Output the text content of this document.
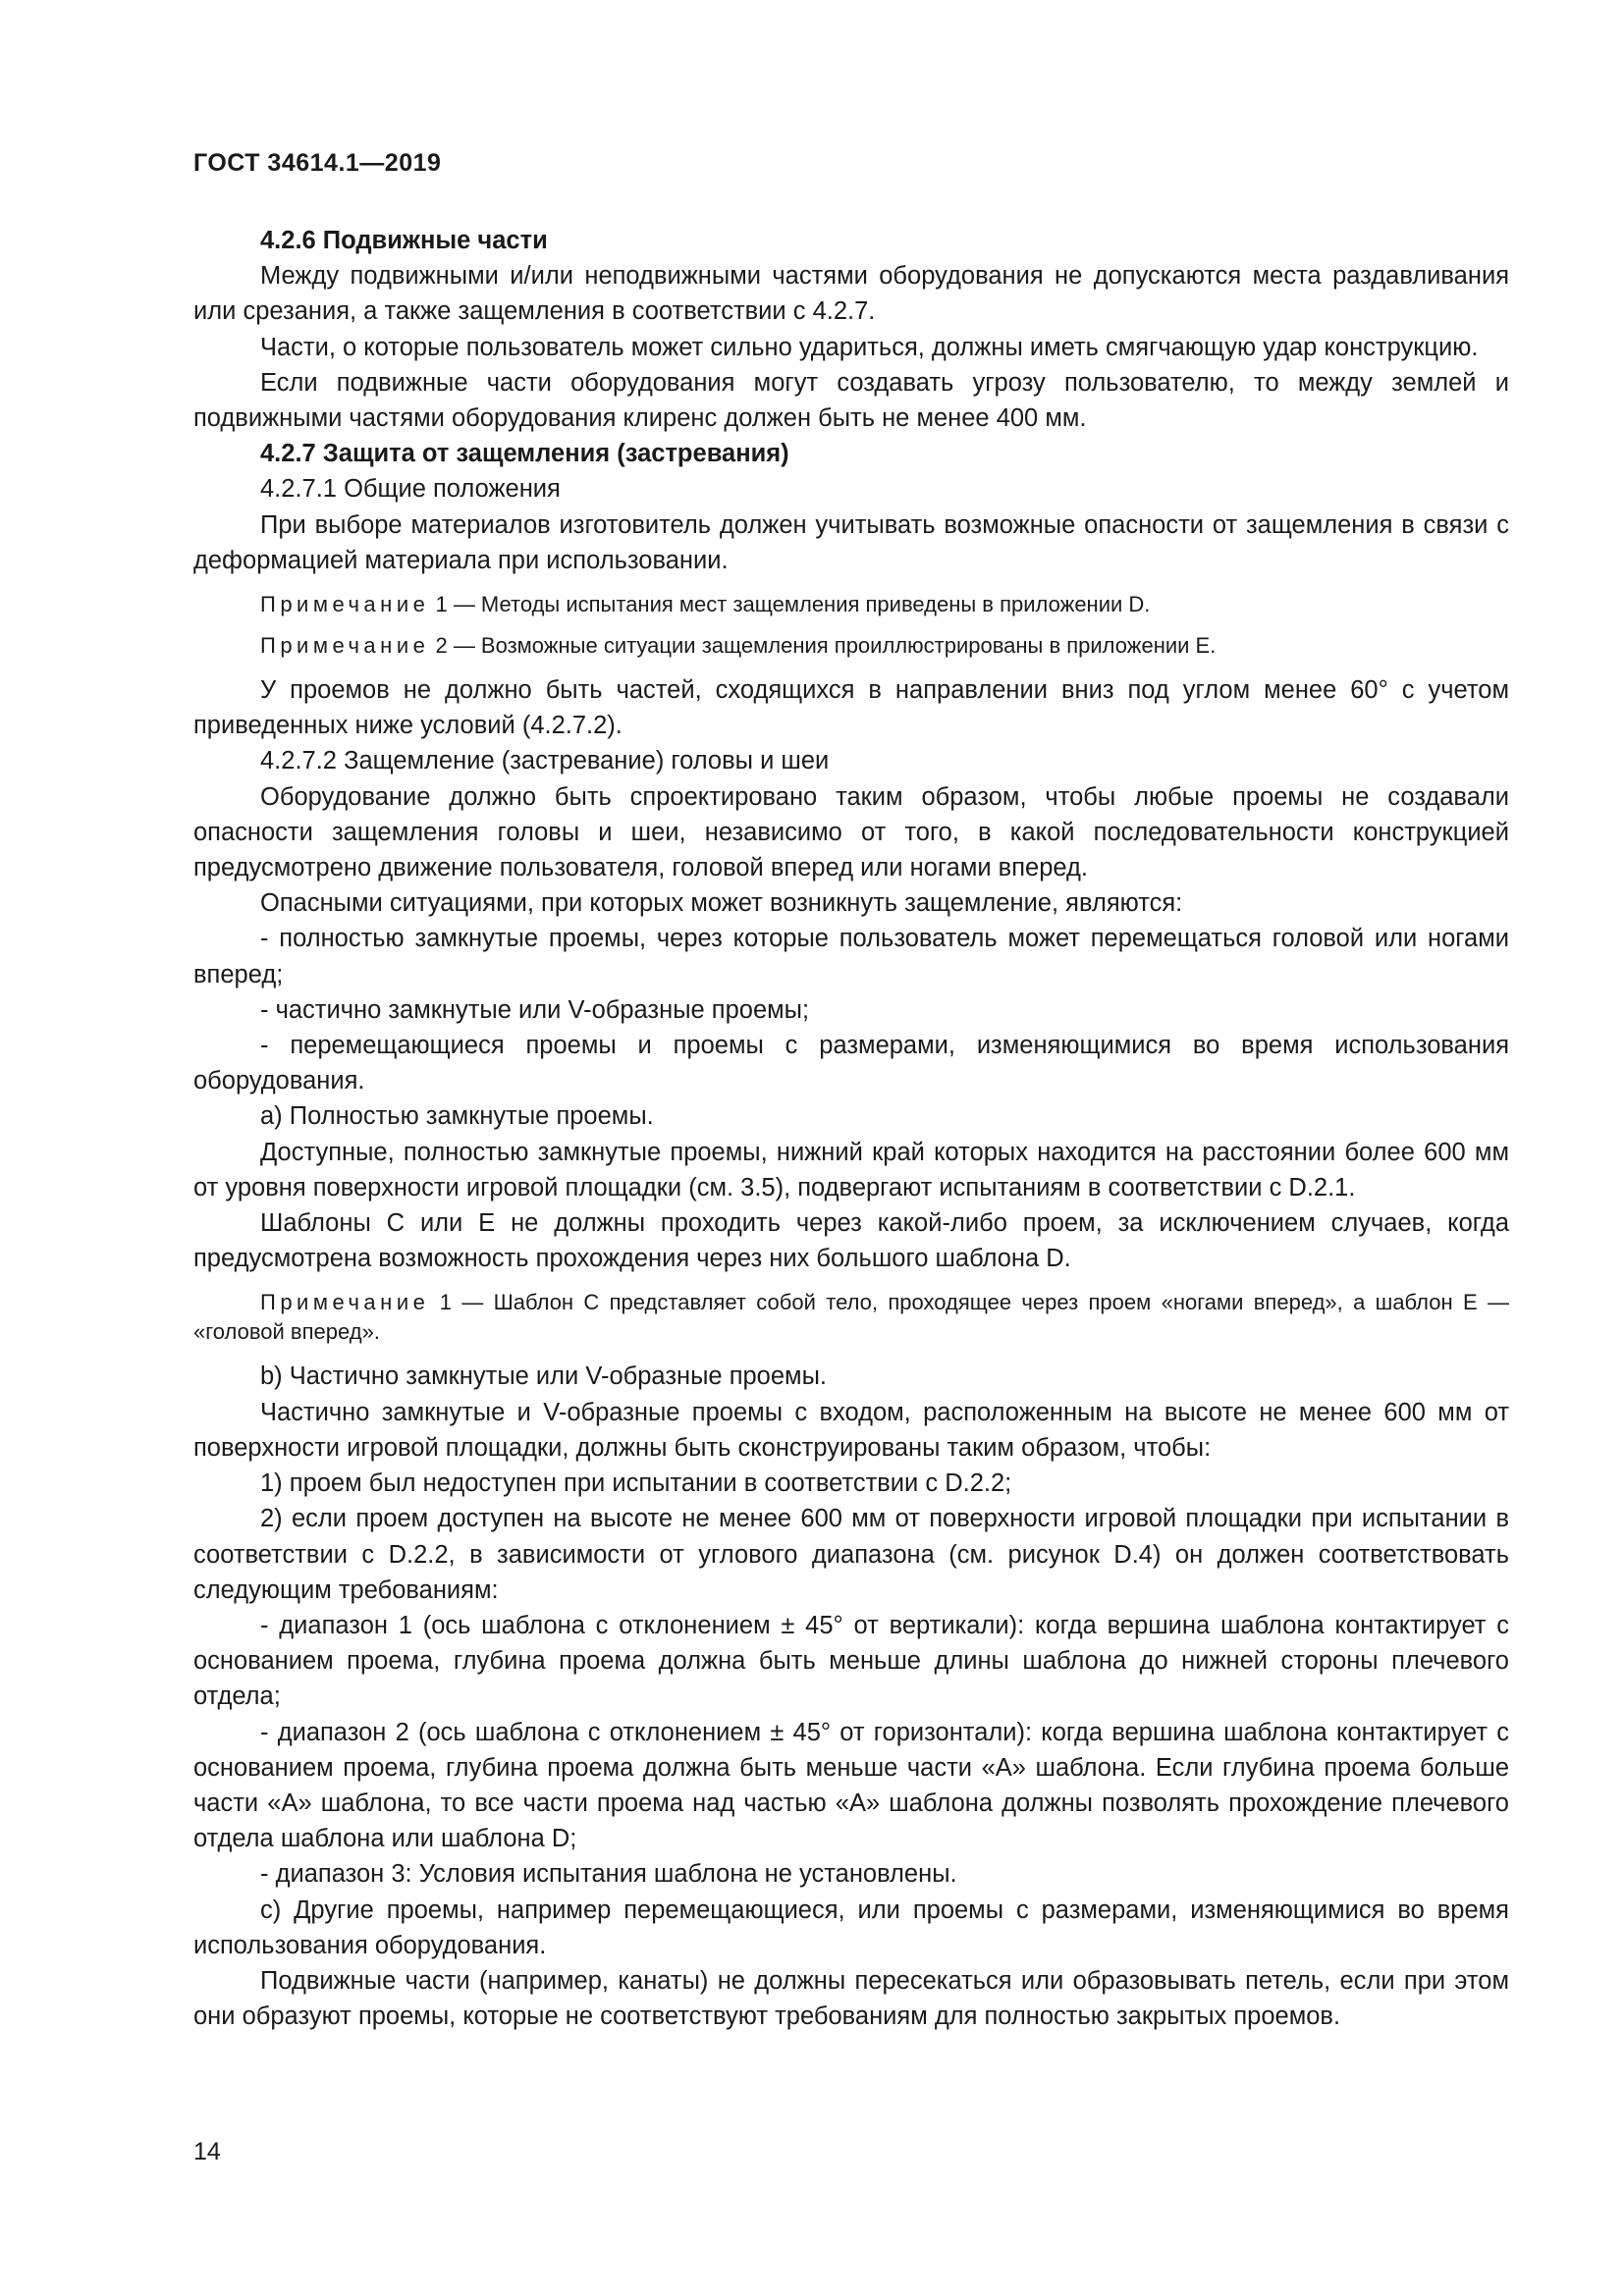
ГОСТ 34614.1—2019

4.2.6 Подвижные части

Между подвижными и/или неподвижными частями оборудования не допускаются места раздавливания или срезания, а также защемления в соответствии с 4.2.7.

Части, о которые пользователь может сильно удариться, должны иметь смягчающую удар конструкцию.

Если подвижные части оборудования могут создавать угрозу пользователю, то между землей и подвижными частями оборудования клиренс должен быть не менее 400 мм.

4.2.7 Защита от защемления (застревания)

4.2.7.1 Общие положения

При выборе материалов изготовитель должен учитывать возможные опасности от защемления в связи с деформацией материала при использовании.

Примечание 1 — Методы испытания мест защемления приведены в приложении D.

Примечание 2 — Возможные ситуации защемления проиллюстрированы в приложении Е.

У проемов не должно быть частей, сходящихся в направлении вниз под углом менее 60° с учетом приведенных ниже условий (4.2.7.2).

4.2.7.2 Защемление (застревание) головы и шеи

Оборудование должно быть спроектировано таким образом, чтобы любые проемы не создавали опасности защемления головы и шеи, независимо от того, в какой последовательности конструкцией предусмотрено движение пользователя, головой вперед или ногами вперед.

Опасными ситуациями, при которых может возникнуть защемление, являются:

- полностью замкнутые проемы, через которые пользователь может перемещаться головой или ногами вперед;

- частично замкнутые или V-образные проемы;

- перемещающиеся проемы и проемы с размерами, изменяющимися во время использования оборудования.

a) Полностью замкнутые проемы.

Доступные, полностью замкнутые проемы, нижний край которых находится на расстоянии более 600 мм от уровня поверхности игровой площадки (см. 3.5), подвергают испытаниям в соответствии с D.2.1.

Шаблоны С или Е не должны проходить через какой-либо проем, за исключением случаев, когда предусмотрена возможность прохождения через них большого шаблона D.

Примечание 1 — Шаблон С представляет собой тело, проходящее через проем «ногами вперед», а шаблон Е — «головой вперед».

b) Частично замкнутые или V-образные проемы.

Частично замкнутые и V-образные проемы с входом, расположенным на высоте не менее 600 мм от поверхности игровой площадки, должны быть сконструированы таким образом, чтобы:

1) проем был недоступен при испытании в соответствии с D.2.2;

2) если проем доступен на высоте не менее 600 мм от поверхности игровой площадки при испытании в соответствии с D.2.2, в зависимости от углового диапазона (см. рисунок D.4) он должен соответствовать следующим требованиям:

- диапазон 1 (ось шаблона с отклонением ± 45° от вертикали): когда вершина шаблона контактирует с основанием проема, глубина проема должна быть меньше длины шаблона до нижней стороны плечевого отдела;

- диапазон 2 (ось шаблона с отклонением ± 45° от горизонтали): когда вершина шаблона контактирует с основанием проема, глубина проема должна быть меньше части «А» шаблона. Если глубина проема больше части «А» шаблона, то все части проема над частью «А» шаблона должны позволять прохождение плечевого отдела шаблона или шаблона D;

- диапазон 3: Условия испытания шаблона не установлены.

с) Другие проемы, например перемещающиеся, или проемы с размерами, изменяющимися во время использования оборудования.

Подвижные части (например, канаты) не должны пересекаться или образовывать петель, если при этом они образуют проемы, которые не соответствуют требованиям для полностью закрытых проемов.

14
